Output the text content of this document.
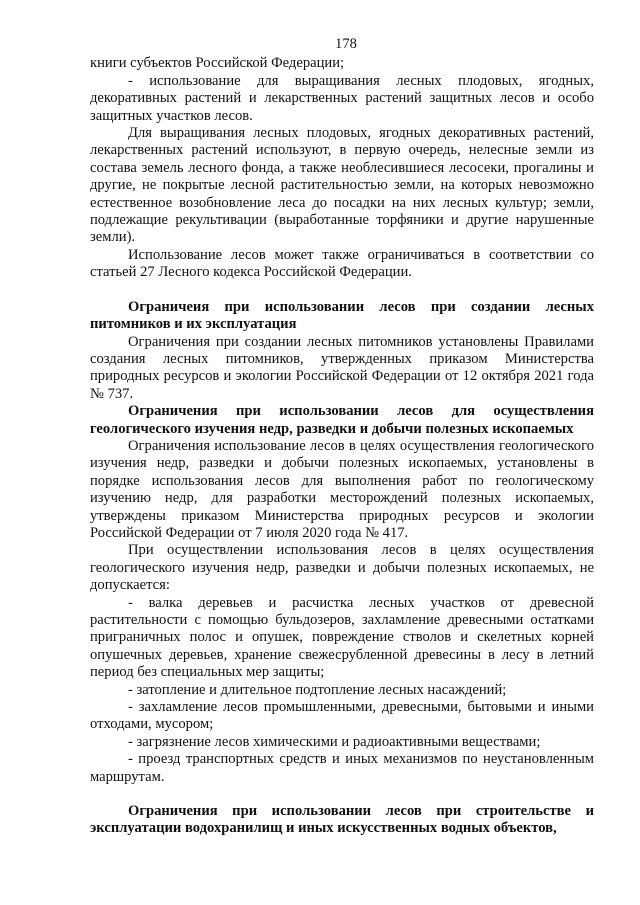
178

книги субъектов Российской Федерации;

- использование для выращивания лесных плодовых, ягодных, декоративных растений и лекарственных растений защитных лесов и особо защитных участков лесов.

Для выращивания лесных плодовых, ягодных декоративных растений, лекарственных растений используют, в первую очередь, нелесные земли из состава земель лесного фонда, а также необлесившиеся лесосеки, прогалины и другие, не покрытые лесной растительностью земли, на которых невозможно естественное возобновление леса до посадки на них лесных культур; земли, подлежащие рекультивации (выработанные торфяники и другие нарушенные земли).

Использование лесов может также ограничиваться в соответствии со статьей 27 Лесного кодекса Российской Федерации.

Ограничеия при использовании лесов при создании лесных питомников и их эксплуатация

Ограничения при создании лесных питомников установлены Правилами создания лесных питомников, утвержденных приказом Министерства природных ресурсов и экологии Российской Федерации от 12 октября 2021 года № 737.

Ограничения при использовании лесов для осуществления геологического изучения недр, разведки и добычи полезных ископаемых

Ограничения использование лесов в целях осуществления геологического изучения недр, разведки и добычи полезных ископаемых, установлены в порядке использования лесов для выполнения работ по геологическому изучению недр, для разработки месторождений полезных ископаемых, утверждены приказом Министерства природных ресурсов и экологии Российской Федерации от 7 июля 2020 года № 417.

При осуществлении использования лесов в целях осуществления геологического изучения недр, разведки и добычи полезных ископаемых, не допускается:

- валка деревьев и расчистка лесных участков от древесной растительности с помощью бульдозеров, захламление древесными остатками приграничных полос и опушек, повреждение стволов и скелетных корней опушечных деревьев, хранение свежесрубленной древесины в лесу в летний период без специальных мер защиты;

- затопление и длительное подтопление лесных насаждений;

- захламление лесов промышленными, древесными, бытовыми и иными отходами, мусором;

- загрязнение лесов химическими и радиоактивными веществами;

- проезд транспортных средств и иных механизмов по неустановленным маршрутам.

Ограничения при использовании лесов при строительстве и эксплуатации водохранилищ и иных искусственных водных объектов,
